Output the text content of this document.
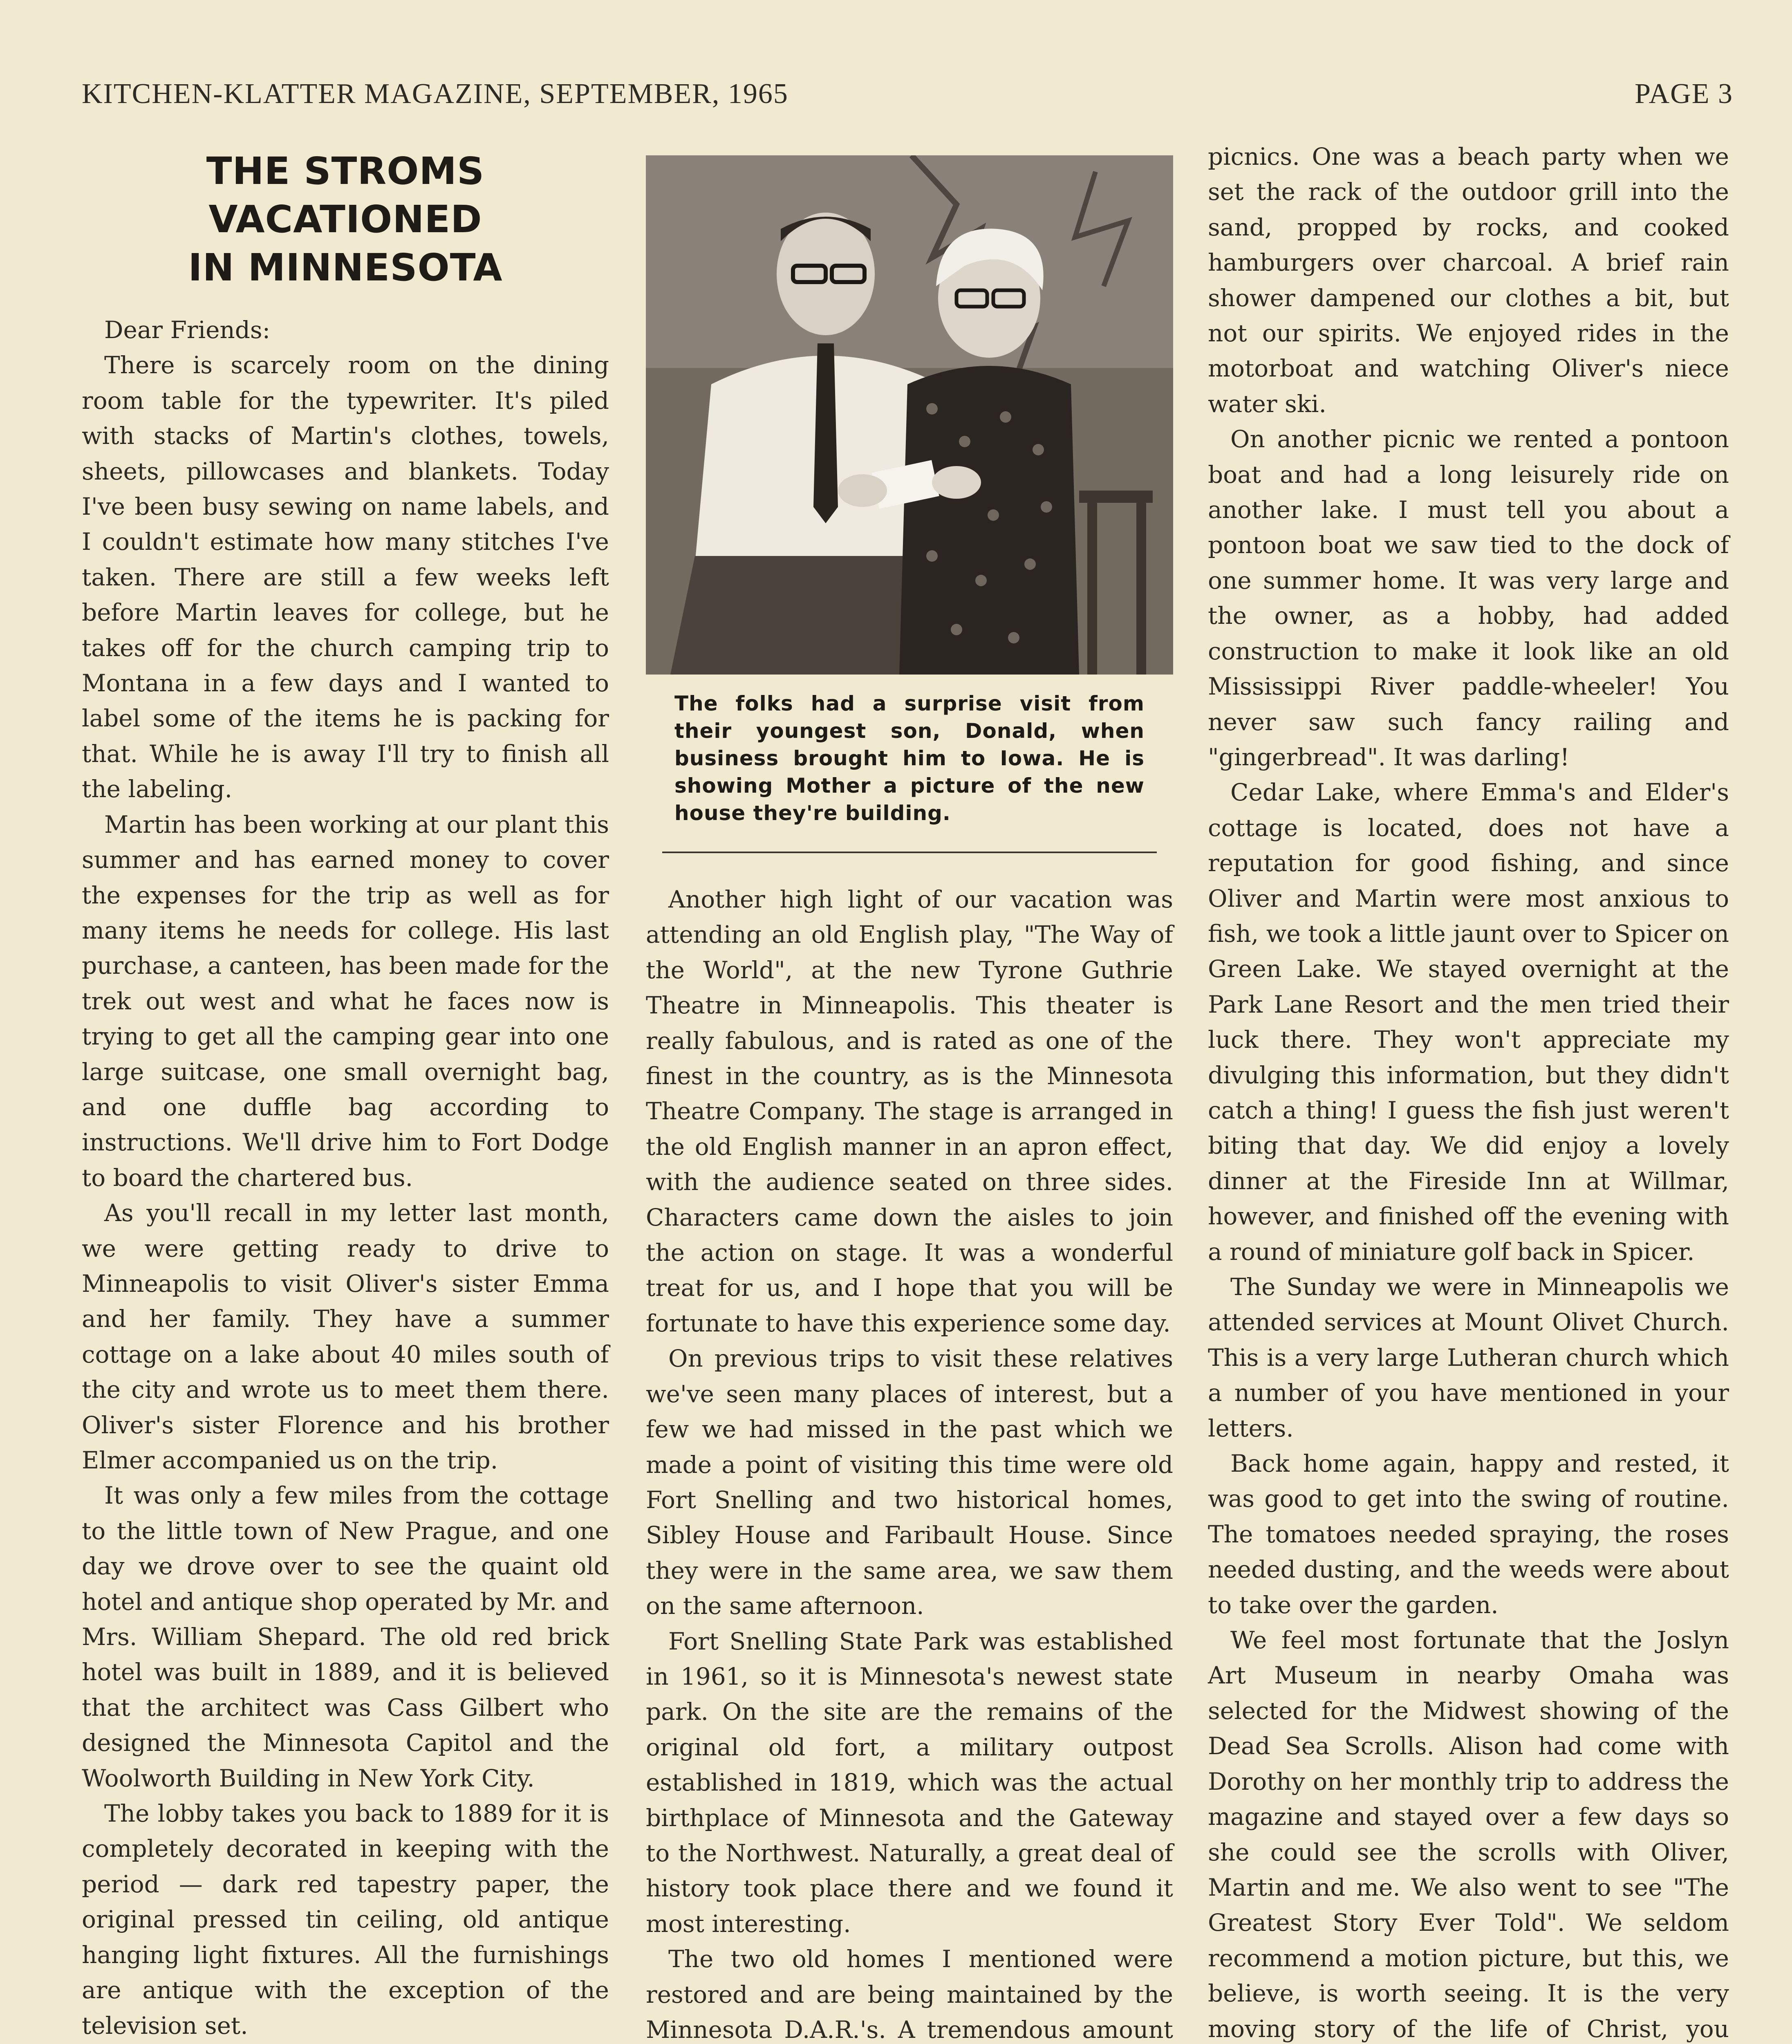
KITCHEN-KLATTER MAGAZINE, SEPTEMBER, 1965	PAGE 3
THE STROMS VACATIONED
IN MINNESOTA

Dear Friends:

There is scarcely room on the dining room table for the typewriter. It's piled with stacks of Martin's clothes, towels, sheets, pillowcases and blankets. Today I've been busy sewing on name labels, and I couldn't estimate how many stitches I've taken. There are still a few weeks left before Martin leaves for college, but he takes off for the church camping trip to Montana in a few days and I wanted to label some of the items he is packing for that. While he is away I'll try to finish all the labeling.

Martin has been working at our plant this summer and has earned money to cover the expenses for the trip as well as for many items he needs for college. His last purchase, a canteen, has been made for the trek out west and what he faces now is trying to get all the camping gear into one large suitcase, one small overnight bag, and one duffle bag according to instructions. We'll drive him to Fort Dodge to board the chartered bus.

As you'll recall in my letter last month, we were getting ready to drive to Minneapolis to visit Oliver's sister Emma and her family. They have a summer cottage on a lake about 40 miles south of the city and wrote us to meet them there. Oliver's sister Florence and his brother Elmer accompanied us on the trip.

It was only a few miles from the cottage to the little town of New Prague, and one day we drove over to see the quaint old hotel and antique shop operated by Mr. and Mrs. William Shepard. The old red brick hotel was built in 1889, and it is believed that the architect was Cass Gilbert who designed the Minnesota Capitol and the Woolworth Building in New York City.

The lobby takes you back to 1889 for it is completely decorated in keeping with the period — dark red tapestry paper, the original pressed tin ceiling, old antique hanging light fixtures. All the furnishings are antique with the exception of the television set.

The folks had a surprise visit from their youngest son, Donald, when business brought him to Iowa. He is showing Mother a picture of the new house they're building.

Another high light of our vacation was attending an old English play, "The Way of the World", at the new Tyrone Guthrie Theatre in Minneapolis. This theater is really fabulous, and is rated as one of the finest in the country, as is the Minnesota Theatre Company. The stage is arranged in the old English manner in an apron effect, with the audience seated on three sides. Characters came down the aisles to join the action on stage. It was a wonderful treat for us, and I hope that you will be fortunate to have this experience some day.

On previous trips to visit these relatives we've seen many places of interest, but a few we had missed in the past which we made a point of visiting this time were old Fort Snelling and two historical homes, Sibley House and Faribault House. Since they were in the same area, we saw them on the same afternoon.

Fort Snelling State Park was established in 1961, so it is Minnesota's newest state park. On the site are the remains of the original old fort, a military outpost established in 1819, which was the actual birthplace of Minnesota and the Gateway to the Northwest. Naturally, a great deal of history took place there and we found it most interesting.

The two old homes I mentioned were restored and are being maintained by the Minnesota D.A.R.'s. A tremendous amount

picnics. One was a beach party when we set the rack of the outdoor grill into the sand, propped by rocks, and cooked hamburgers over charcoal. A brief rain shower dampened our clothes a bit, but not our spirits. We enjoyed rides in the motorboat and watching Oliver's niece water ski.

On another picnic we rented a pontoon boat and had a long leisurely ride on another lake. I must tell you about a pontoon boat we saw tied to the dock of one summer home. It was very large and the owner, as a hobby, had added construction to make it look like an old Mississippi River paddle-wheeler! You never saw such fancy railing and "gingerbread". It was darling!

Cedar Lake, where Emma's and Elder's cottage is located, does not have a reputation for good fishing, and since Oliver and Martin were most anxious to fish, we took a little jaunt over to Spicer on Green Lake. We stayed overnight at the Park Lane Resort and the men tried their luck there. They won't appreciate my divulging this information, but they didn't catch a thing! I guess the fish just weren't biting that day. We did enjoy a lovely dinner at the Fireside Inn at Willmar, however, and finished off the evening with a round of miniature golf back in Spicer.

The Sunday we were in Minneapolis we attended services at Mount Olivet Church. This is a very large Lutheran church which a number of you have mentioned in your letters.

Back home again, happy and rested, it was good to get into the swing of routine. The tomatoes needed spraying, the roses needed dusting, and the weeds were about to take over the garden.

We feel most fortunate that the Joslyn Art Museum in nearby Omaha was selected for the Midwest showing of the Dead Sea Scrolls. Alison had come with Dorothy on her monthly trip to address the magazine and stayed over a few days so she could see the scrolls with Oliver, Martin and me. We also went to see "The Greatest Story Ever Told". We seldom recommend a motion picture, but this, we believe, is worth seeing. It is the very moving story of the life of Christ, you
